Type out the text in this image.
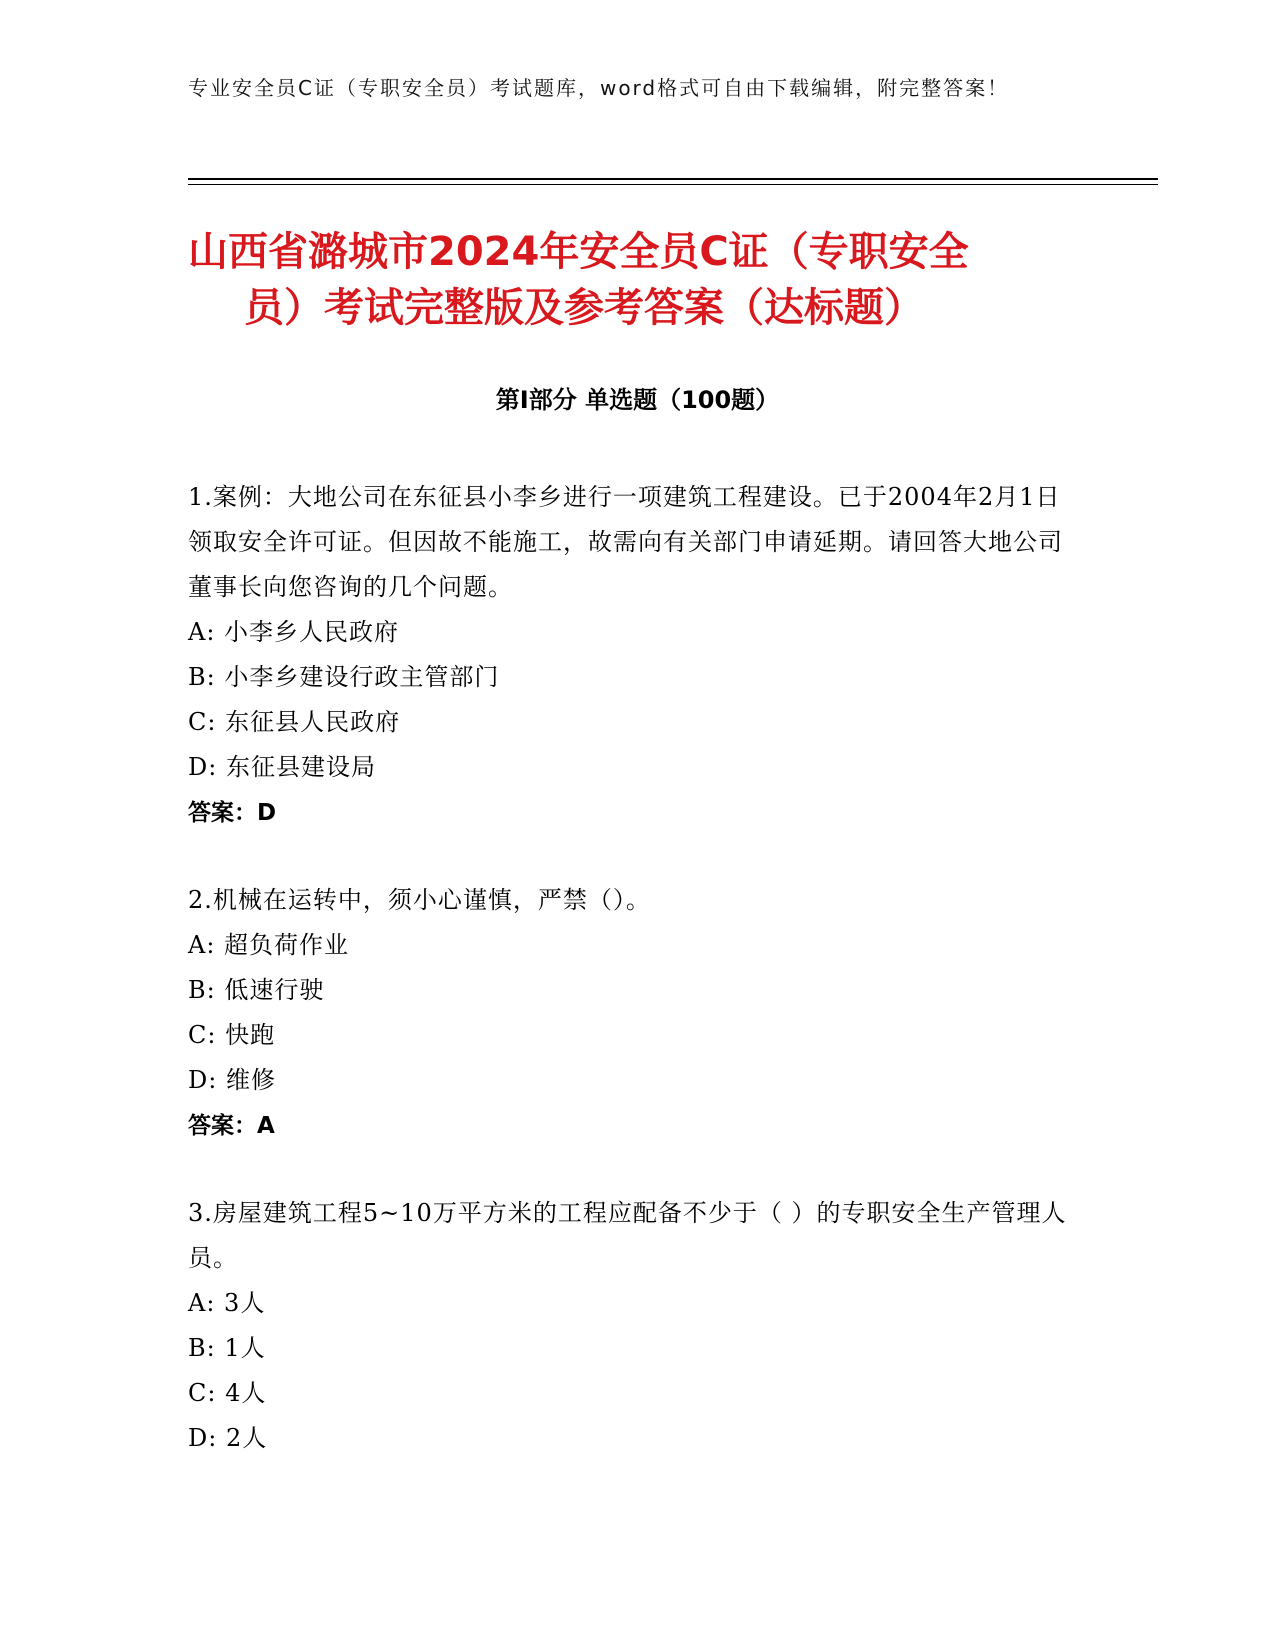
专业安全员C证（专职安全员）考试题库，word格式可自由下载编辑，附完整答案！
山西省潞城市2024年安全员C证（专职安全
员）考试完整版及参考答案（达标题）
第I部分 单选题（100题）
1.案例：大地公司在东征县小李乡进行一项建筑工程建设。已于2004年2月1日领取安全许可证。但因故不能施工，故需向有关部门申请延期。请回答大地公司董事长向您咨询的几个问题。
A: 小李乡人民政府
B: 小李乡建设行政主管部门
C: 东征县人民政府
D: 东征县建设局
答案：D
2.机械在运转中，须小心谨慎，严禁（）。
A: 超负荷作业
B: 低速行驶
C: 快跑
D: 维修
答案：A
3.房屋建筑工程5~10万平方米的工程应配备不少于（ ）的专职安全生产管理人员。
A: 3人
B: 1人
C: 4人
D: 2人
